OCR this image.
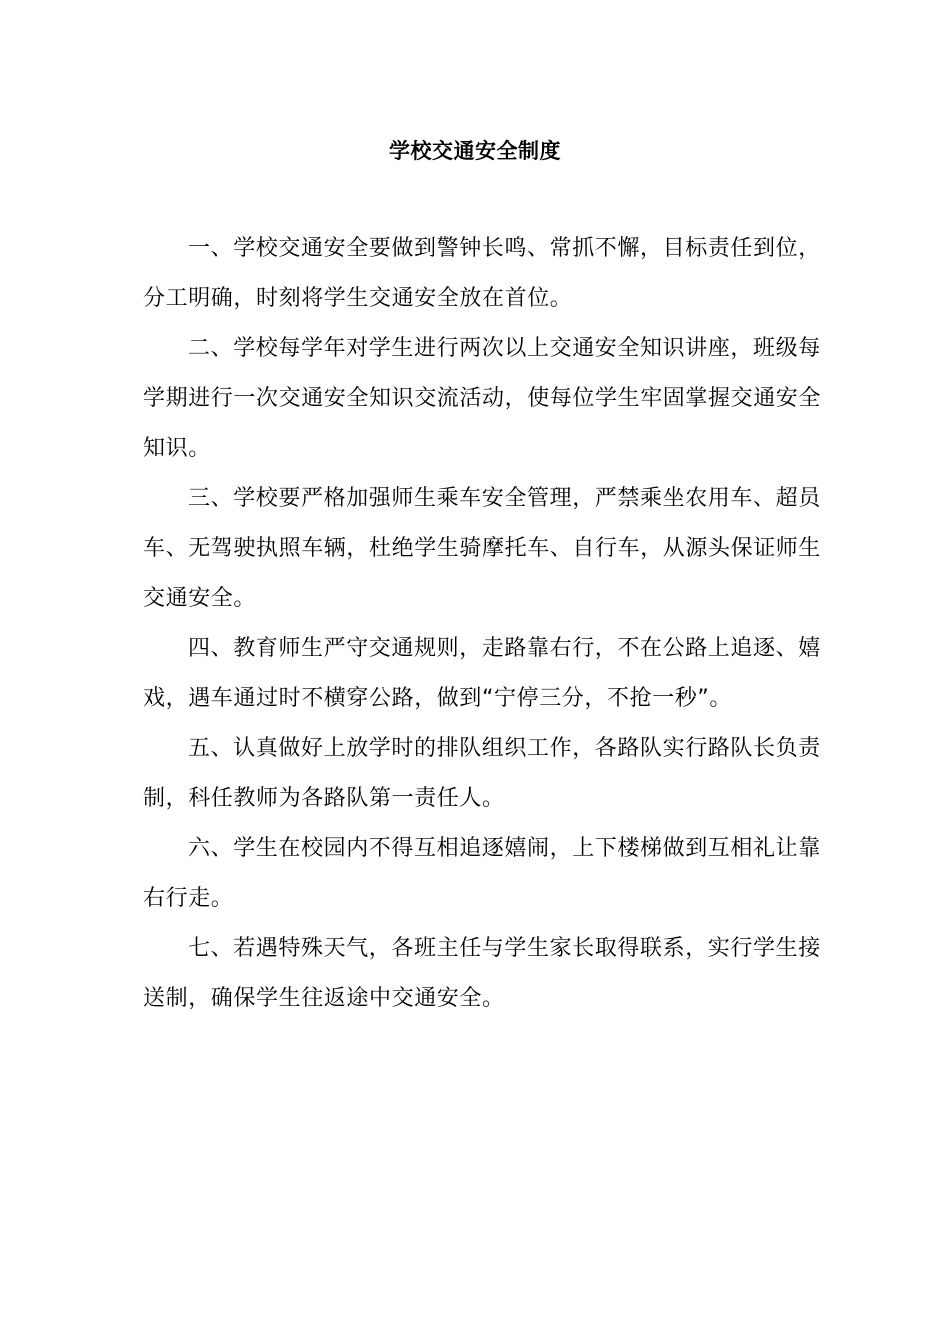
学校交通安全制度

一、学校交通安全要做到警钟长鸣、常抓不懈，目标责任到位，分工明确，时刻将学生交通安全放在首位。

二、学校每学年对学生进行两次以上交通安全知识讲座，班级每学期进行一次交通安全知识交流活动，使每位学生牢固掌握交通安全知识。

三、学校要严格加强师生乘车安全管理，严禁乘坐农用车、超员车、无驾驶执照车辆，杜绝学生骑摩托车、自行车，从源头保证师生交通安全。

四、教育师生严守交通规则，走路靠右行，不在公路上追逐、嬉戏，遇车通过时不横穿公路，做到“宁停三分，不抢一秒”。

五、认真做好上放学时的排队组织工作，各路队实行路队长负责制，科任教师为各路队第一责任人。

六、学生在校园内不得互相追逐嬉闹，上下楼梯做到互相礼让靠右行走。

七、若遇特殊天气，各班主任与学生家长取得联系，实行学生接送制，确保学生往返途中交通安全。
